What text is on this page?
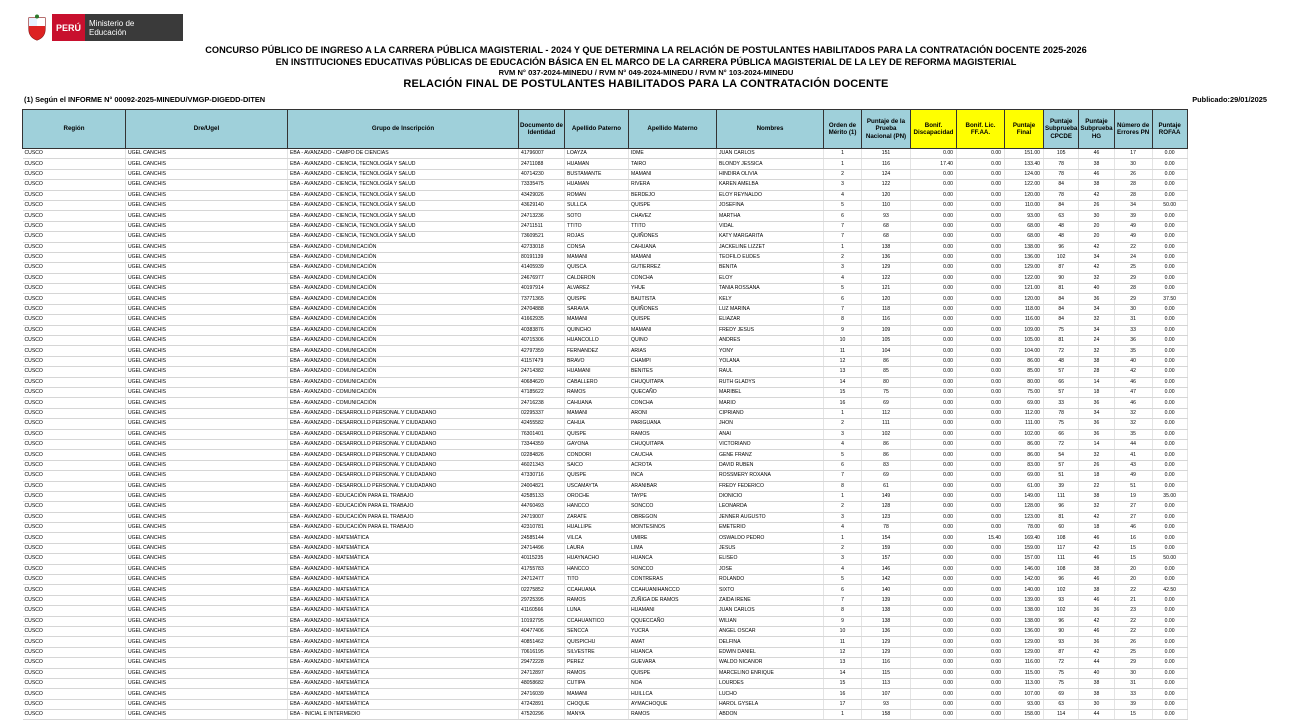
PERÚ	Ministerio de Educación
CONCURSO PÚBLICO DE INGRESO A LA CARRERA PÚBLICA MAGISTERIAL - 2024 Y QUE DETERMINA LA RELACIÓN DE POSTULANTES HABILITADOS PARA LA CONTRATACIÓN DOCENTE 2025-2026
EN INSTITUCIONES EDUCATIVAS PÚBLICAS DE EDUCACIÓN BÁSICA EN EL MARCO DE LA CARRERA PÚBLICA MAGISTERIAL DE LA LEY DE REFORMA MAGISTERIAL
RVM N° 037-2024-MINEDU / RVM N° 049-2024-MINEDU / RVM N° 103-2024-MINEDU
RELACIÓN FINAL DE POSTULANTES HABILITADOS PARA LA CONTRATACIÓN DOCENTE
(1) Según el INFORME N° 00092-2025-MINEDU/VMGP-DIGEDD-DITEN	Publicado:29/01/2025
Región	Dre/Ugel	Grupo de Inscripción	Documento de Identidad	Apellido Paterno	Apellido Materno	Nombres	Orden de Mérito (1)	Puntaje de la Prueba Nacional (PN)	Bonif. Discapacidad	Bonif. Lic. FF.AA.	Puntaje Final	Puntaje Subprueba CPCDE	Puntaje Subprueba HG	Número de Errores PN	Puntaje ROFAA
CUSCO	UGEL CANCHIS	EBA - AVANZADO - CAMPO DE CIENCIAS	41796007	LOAYZA	IDME	JUAN CARLOS	1	151	0.00	0.00	151.00	105	46	17	0.00
CUSCO	UGEL CANCHIS	EBA - AVANZADO - CIENCIA, TECNOLOGÍA Y SALUD	24711088	HUAMAN	TAIRO	BLONDY JESSICA	1	116	17.40	0.00	133.40	78	38	30	0.00
CUSCO	UGEL CANCHIS	EBA - AVANZADO - CIENCIA, TECNOLOGÍA Y SALUD	40714230	BUSTAMANTE	MAMANI	HINDIRA OLIVIA	2	124	0.00	0.00	124.00	78	46	26	0.00
CUSCO	UGEL CANCHIS	EBA - AVANZADO - CIENCIA, TECNOLOGÍA Y SALUD	73335475	HUAMAN	RIVERA	KAREN AMELBA	3	122	0.00	0.00	122.00	84	38	28	0.00
CUSCO	UGEL CANCHIS	EBA - AVANZADO - CIENCIA, TECNOLOGÍA Y SALUD	43429026	ROMAN	BERDEJO	ELOY REYNALDO	4	120	0.00	0.00	120.00	78	42	28	0.00
CUSCO	UGEL CANCHIS	EBA - AVANZADO - CIENCIA, TECNOLOGÍA Y SALUD	43629140	SULLCA	QUISPE	JOSEFINA	5	110	0.00	0.00	110.00	84	26	34	50.00
CUSCO	UGEL CANCHIS	EBA - AVANZADO - CIENCIA, TECNOLOGÍA Y SALUD	24713236	SOTO	CHAVEZ	MARTHA	6	93	0.00	0.00	93.00	63	30	39	0.00
CUSCO	UGEL CANCHIS	EBA - AVANZADO - CIENCIA, TECNOLOGÍA Y SALUD	24711511	TTITO	TTITO	VIDAL	7	68	0.00	0.00	68.00	48	20	49	0.00
CUSCO	UGEL CANCHIS	EBA - AVANZADO - CIENCIA, TECNOLOGÍA Y SALUD	73609521	ROJAS	QUIÑONES	KATY MARGARITA	7	68	0.00	0.00	68.00	48	20	49	0.00
CUSCO	UGEL CANCHIS	EBA - AVANZADO - COMUNICACIÓN	42733018	CONSA	CAHUANA	JACKELINE LIZZET	1	138	0.00	0.00	138.00	96	42	22	0.00
CUSCO	UGEL CANCHIS	EBA - AVANZADO - COMUNICACIÓN	80191139	MAMANI	MAMANI	TEOFILO EUDES	2	136	0.00	0.00	136.00	102	34	24	0.00
CUSCO	UGEL CANCHIS	EBA - AVANZADO - COMUNICACIÓN	41405939	QUISCA	GUTIERREZ	BENITA	3	129	0.00	0.00	129.00	87	42	25	0.00
CUSCO	UGEL CANCHIS	EBA - AVANZADO - COMUNICACIÓN	24676977	CALDERON	CONCHA	ELOY	4	122	0.00	0.00	122.00	90	32	29	0.00
CUSCO	UGEL CANCHIS	EBA - AVANZADO - COMUNICACIÓN	40197914	ALVAREZ	YHUE	TANIA ROSSANA	5	121	0.00	0.00	121.00	81	40	28	0.00
CUSCO	UGEL CANCHIS	EBA - AVANZADO - COMUNICACIÓN	73771365	QUISPE	BAUTISTA	KELY	6	120	0.00	0.00	120.00	84	36	29	37.50
CUSCO	UGEL CANCHIS	EBA - AVANZADO - COMUNICACIÓN	24704888	SARAVIA	QUIÑONES	LUZ MARINA	7	118	0.00	0.00	118.00	84	34	30	0.00
CUSCO	UGEL CANCHIS	EBA - AVANZADO - COMUNICACIÓN	41662935	MAMANI	QUISPE	ELIAZAR	8	116	0.00	0.00	116.00	84	32	31	0.00
CUSCO	UGEL CANCHIS	EBA - AVANZADO - COMUNICACIÓN	40383876	QUINCHO	MAMANI	FREDY JESUS	9	109	0.00	0.00	109.00	75	34	33	0.00
CUSCO	UGEL CANCHIS	EBA - AVANZADO - COMUNICACIÓN	40715306	HUANCOLLO	QUINO	ANDRES	10	105	0.00	0.00	105.00	81	24	36	0.00
CUSCO	UGEL CANCHIS	EBA - AVANZADO - COMUNICACIÓN	42797359	FERNANDEZ	ARIAS	YONY	11	104	0.00	0.00	104.00	72	32	35	0.00
CUSCO	UGEL CANCHIS	EBA - AVANZADO - COMUNICACIÓN	41157479	BRAVO	CHAMPI	YOLANA	12	86	0.00	0.00	86.00	48	38	40	0.00
CUSCO	UGEL CANCHIS	EBA - AVANZADO - COMUNICACIÓN	24714382	HUAMANI	BENITES	RAUL	13	85	0.00	0.00	85.00	57	28	42	0.00
CUSCO	UGEL CANCHIS	EBA - AVANZADO - COMUNICACIÓN	40684620	CABALLERO	CHUQUITAPA	RUTH GLADYS	14	80	0.00	0.00	80.00	66	14	46	0.00
CUSCO	UGEL CANCHIS	EBA - AVANZADO - COMUNICACIÓN	47185622	RAMOS	QUECAÑO	MARIBEL	15	75	0.00	0.00	75.00	57	18	47	0.00
CUSCO	UGEL CANCHIS	EBA - AVANZADO - COMUNICACIÓN	24716238	CAHUANA	CONCHA	MARIO	16	69	0.00	0.00	69.00	33	36	46	0.00
CUSCO	UGEL CANCHIS	EBA - AVANZADO - DESARROLLO PERSONAL Y CIUDADANO	02295337	MAMANI	ARONI	CIPRIANO	1	112	0.00	0.00	112.00	78	34	32	0.00
CUSCO	UGEL CANCHIS	EBA - AVANZADO - DESARROLLO PERSONAL Y CIUDADANO	42455582	CAHUA	PARIGUANA	JHON	2	111	0.00	0.00	111.00	75	36	32	0.00
CUSCO	UGEL CANCHIS	EBA - AVANZADO - DESARROLLO PERSONAL Y CIUDADANO	76301401	QUISPE	RAMOS	ANAI	3	102	0.00	0.00	102.00	66	36	35	0.00
CUSCO	UGEL CANCHIS	EBA - AVANZADO - DESARROLLO PERSONAL Y CIUDADANO	73344359	GAYONA	CHUQUITAPA	VICTORIANO	4	86	0.00	0.00	86.00	72	14	44	0.00
CUSCO	UGEL CANCHIS	EBA - AVANZADO - DESARROLLO PERSONAL Y CIUDADANO	02284826	CONDORI	CAUCHA	GENE FRANZ	5	86	0.00	0.00	86.00	54	32	41	0.00
CUSCO	UGEL CANCHIS	EBA - AVANZADO - DESARROLLO PERSONAL Y CIUDADANO	46021343	SAICO	ACROTA	DAVID RUBEN	6	83	0.00	0.00	83.00	57	26	43	0.00
CUSCO	UGEL CANCHIS	EBA - AVANZADO - DESARROLLO PERSONAL Y CIUDADANO	47330716	QUISPE	INCA	ROSSMERY ROXANA	7	69	0.00	0.00	69.00	51	18	49	0.00
CUSCO	UGEL CANCHIS	EBA - AVANZADO - DESARROLLO PERSONAL Y CIUDADANO	24004821	USCAMAYTA	ARANIBAR	FREDY FEDERICO	8	61	0.00	0.00	61.00	39	22	51	0.00
CUSCO	UGEL CANCHIS	EBA - AVANZADO - EDUCACIÓN PARA EL TRABAJO	42585133	OROCHE	TAYPE	DIONICIO	1	149	0.00	0.00	149.00	111	38	19	35.00
CUSCO	UGEL CANCHIS	EBA - AVANZADO - EDUCACIÓN PARA EL TRABAJO	44760493	HANCCO	SONCCO	LEONARDA	2	128	0.00	0.00	128.00	96	32	27	0.00
CUSCO	UGEL CANCHIS	EBA - AVANZADO - EDUCACIÓN PARA EL TRABAJO	24719007	ZARATE	OBREGON	JENNER AUGUSTO	3	123	0.00	0.00	123.00	81	42	27	0.00
CUSCO	UGEL CANCHIS	EBA - AVANZADO - EDUCACIÓN PARA EL TRABAJO	42310781	HUALLIPE	MONTESINOS	EMETERIO	4	78	0.00	0.00	78.00	60	18	46	0.00
CUSCO	UGEL CANCHIS	EBA - AVANZADO - MATEMÁTICA	24585144	VILCA	UMIRE	OSWALDO PEDRO	1	154	0.00	15.40	169.40	108	46	16	0.00
CUSCO	UGEL CANCHIS	EBA - AVANZADO - MATEMÁTICA	24714496	LAURA	LIMA	JESUS	2	159	0.00	0.00	159.00	117	42	15	0.00
CUSCO	UGEL CANCHIS	EBA - AVANZADO - MATEMÁTICA	40115235	HUAYNACHO	HUANCA	ELISEO	3	157	0.00	0.00	157.00	111	46	15	50.00
CUSCO	UGEL CANCHIS	EBA - AVANZADO - MATEMÁTICA	41755783	HANCCO	SONCCO	JOSE	4	146	0.00	0.00	146.00	108	38	20	0.00
CUSCO	UGEL CANCHIS	EBA - AVANZADO - MATEMÁTICA	24712477	TITO	CONTRERAS	ROLANDO	5	142	0.00	0.00	142.00	96	46	20	0.00
CUSCO	UGEL CANCHIS	EBA - AVANZADO - MATEMÁTICA	02275852	CCAHUANA	CCAHUANIHANCCO	SIXTO	6	140	0.00	0.00	140.00	102	38	22	42.50
CUSCO	UGEL CANCHIS	EBA - AVANZADO - MATEMÁTICA	29725395	RAMOS	ZUÑIGA DE RAMOS	ZAIDA IRENE	7	139	0.00	0.00	139.00	93	46	21	0.00
CUSCO	UGEL CANCHIS	EBA - AVANZADO - MATEMÁTICA	41160566	LUNA	HUAMANI	JUAN CARLOS	8	138	0.00	0.00	138.00	102	36	23	0.00
CUSCO	UGEL CANCHIS	EBA - AVANZADO - MATEMÁTICA	10192795	CCAHUANTICO	QQUECCAÑO	WILIAN	9	138	0.00	0.00	138.00	96	42	22	0.00
CUSCO	UGEL CANCHIS	EBA - AVANZADO - MATEMÁTICA	40477406	SENCCA	YUCRA	ANGEL OSCAR	10	136	0.00	0.00	136.00	90	46	22	0.00
CUSCO	UGEL CANCHIS	EBA - AVANZADO - MATEMÁTICA	40851462	QUISPICHU	AMAT	DELFINA	11	129	0.00	0.00	129.00	93	36	26	0.00
CUSCO	UGEL CANCHIS	EBA - AVANZADO - MATEMÁTICA	70616195	SILVESTRE	HUANCA	EDWIN DANIEL	12	129	0.00	0.00	129.00	87	42	25	0.00
CUSCO	UGEL CANCHIS	EBA - AVANZADO - MATEMÁTICA	29472228	PEREZ	GUEVARA	WALDO NICANOR	13	116	0.00	0.00	116.00	72	44	29	0.00
CUSCO	UGEL CANCHIS	EBA - AVANZADO - MATEMÁTICA	24712897	RAMOS	QUISPE	MARCELINO ENRIQUE	14	115	0.00	0.00	115.00	75	40	30	0.00
CUSCO	UGEL CANCHIS	EBA - AVANZADO - MATEMÁTICA	48058682	CUTIPA	NOA	LOURDES	15	113	0.00	0.00	113.00	75	38	31	0.00
CUSCO	UGEL CANCHIS	EBA - AVANZADO - MATEMÁTICA	24716039	MAMANI	HUILLCA	LUCHO	16	107	0.00	0.00	107.00	69	38	33	0.00
CUSCO	UGEL CANCHIS	EBA - AVANZADO - MATEMÁTICA	47242891	CHOQUE	AYMACHOQUE	HAROL GYSELA	17	93	0.00	0.00	93.00	63	30	39	0.00
CUSCO	UGEL CANCHIS	EBA - INICIAL E INTERMEDIO	47520296	MANYA	RAMOS	ABDON	1	158	0.00	0.00	158.00	114	44	15	0.00
